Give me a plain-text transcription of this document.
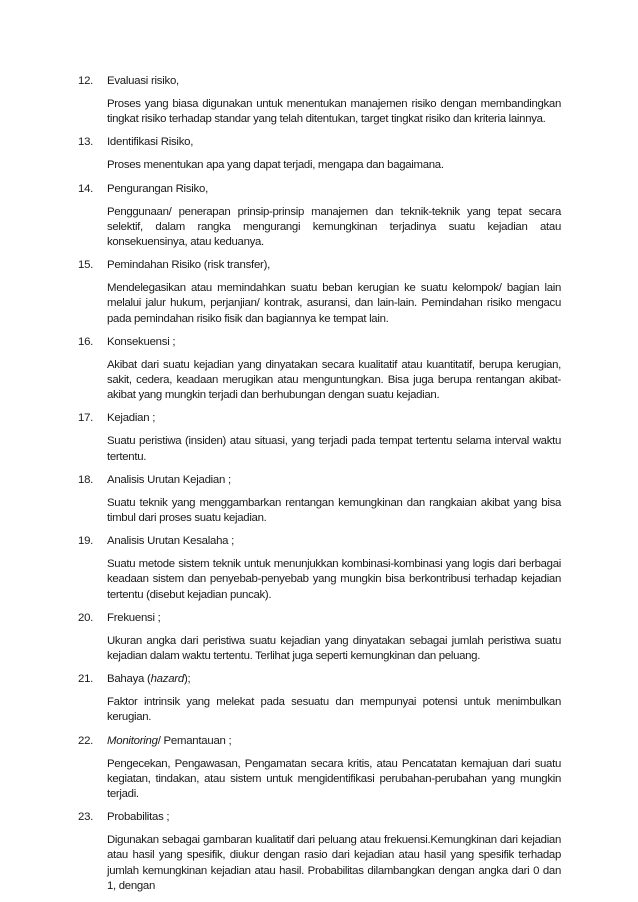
12.	Evaluasi risiko,
Proses yang biasa digunakan untuk menentukan manajemen risiko dengan membandingkan tingkat risiko terhadap standar yang telah ditentukan, target tingkat risiko dan kriteria lainnya.
13.	Identifikasi Risiko,
Proses menentukan apa yang dapat terjadi, mengapa dan bagaimana.
14.	Pengurangan Risiko,
Penggunaan/ penerapan prinsip-prinsip manajemen dan teknik-teknik yang tepat secara selektif, dalam rangka mengurangi kemungkinan terjadinya suatu kejadian atau konsekuensinya, atau keduanya.
15.	Pemindahan Risiko (risk transfer),
Mendelegasikan atau memindahkan suatu beban kerugian ke suatu kelompok/ bagian lain melalui jalur hukum, perjanjian/ kontrak, asuransi, dan lain-lain. Pemindahan risiko mengacu pada pemindahan risiko fisik dan bagiannya ke tempat lain.
16.	Konsekuensi ;
Akibat dari suatu kejadian yang dinyatakan secara kualitatif atau kuantitatif, berupa kerugian, sakit, cedera, keadaan merugikan atau menguntungkan. Bisa juga berupa rentangan akibat-akibat yang mungkin terjadi dan berhubungan dengan suatu kejadian.
17.	Kejadian ;
Suatu peristiwa (insiden) atau situasi, yang terjadi pada tempat tertentu selama interval waktu tertentu.
18.	Analisis Urutan Kejadian ;
Suatu teknik yang menggambarkan rentangan kemungkinan dan rangkaian akibat yang bisa timbul dari proses suatu kejadian.
19.	Analisis Urutan Kesalaha ;
Suatu metode sistem teknik untuk menunjukkan kombinasi-kombinasi yang logis dari berbagai keadaan sistem dan penyebab-penyebab yang mungkin bisa berkontribusi terhadap kejadian tertentu (disebut kejadian puncak).
20.	Frekuensi ;
Ukuran angka dari peristiwa suatu kejadian yang dinyatakan sebagai jumlah peristiwa suatu kejadian dalam waktu tertentu. Terlihat juga seperti kemungkinan dan peluang.
21.	Bahaya (hazard);
Faktor intrinsik yang melekat pada sesuatu dan mempunyai potensi untuk menimbulkan kerugian.
22.	Monitoring/ Pemantauan ;
Pengecekan, Pengawasan, Pengamatan secara kritis, atau Pencatatan kemajuan dari suatu kegiatan, tindakan, atau sistem untuk mengidentifikasi perubahan-perubahan yang mungkin terjadi.
23.	Probabilitas ;
Digunakan sebagai gambaran kualitatif dari peluang atau frekuensi.Kemungkinan dari kejadian atau hasil yang spesifik, diukur dengan rasio dari kejadian atau hasil yang spesifik terhadap jumlah kemungkinan kejadian atau hasil. Probabilitas dilambangkan dengan angka dari 0 dan 1, dengan
